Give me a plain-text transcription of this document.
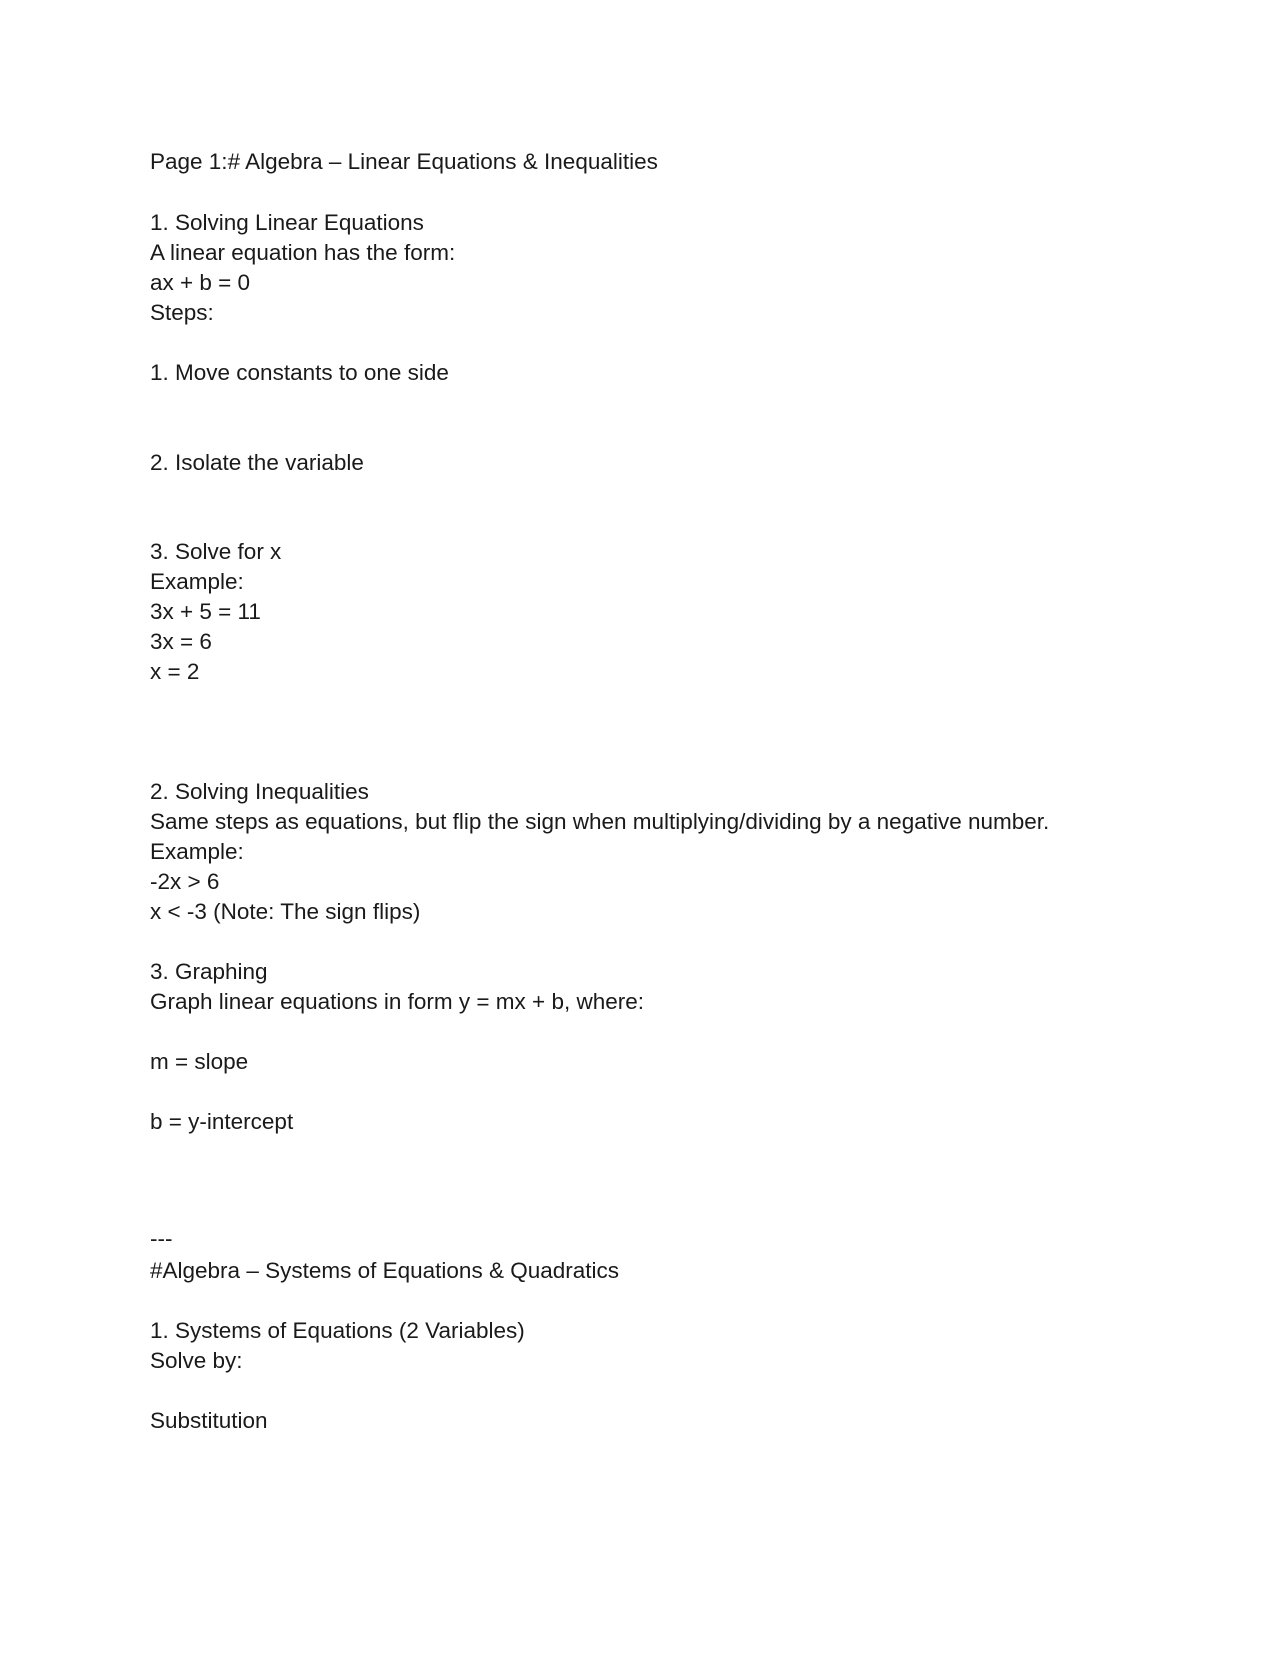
Page 1:# Algebra – Linear Equations & Inequalities
1. Solving Linear Equations

A linear equation has the form:

ax + b = 0

Steps:

1. Move constants to one side

2. Isolate the variable

3. Solve for x

Example:

3x + 5 = 11

3x = 6

x = 2

2. Solving Inequalities

Same steps as equations, but flip the sign when multiplying/dividing by a negative number.

Example:

-2x > 6

x < -3 (Note: The sign flips)

3. Graphing

Graph linear equations in form y = mx + b, where:

m = slope

b = y-intercept

---

#Algebra – Systems of Equations & Quadratics
1. Systems of Equations (2 Variables)

Solve by:

Substitution
